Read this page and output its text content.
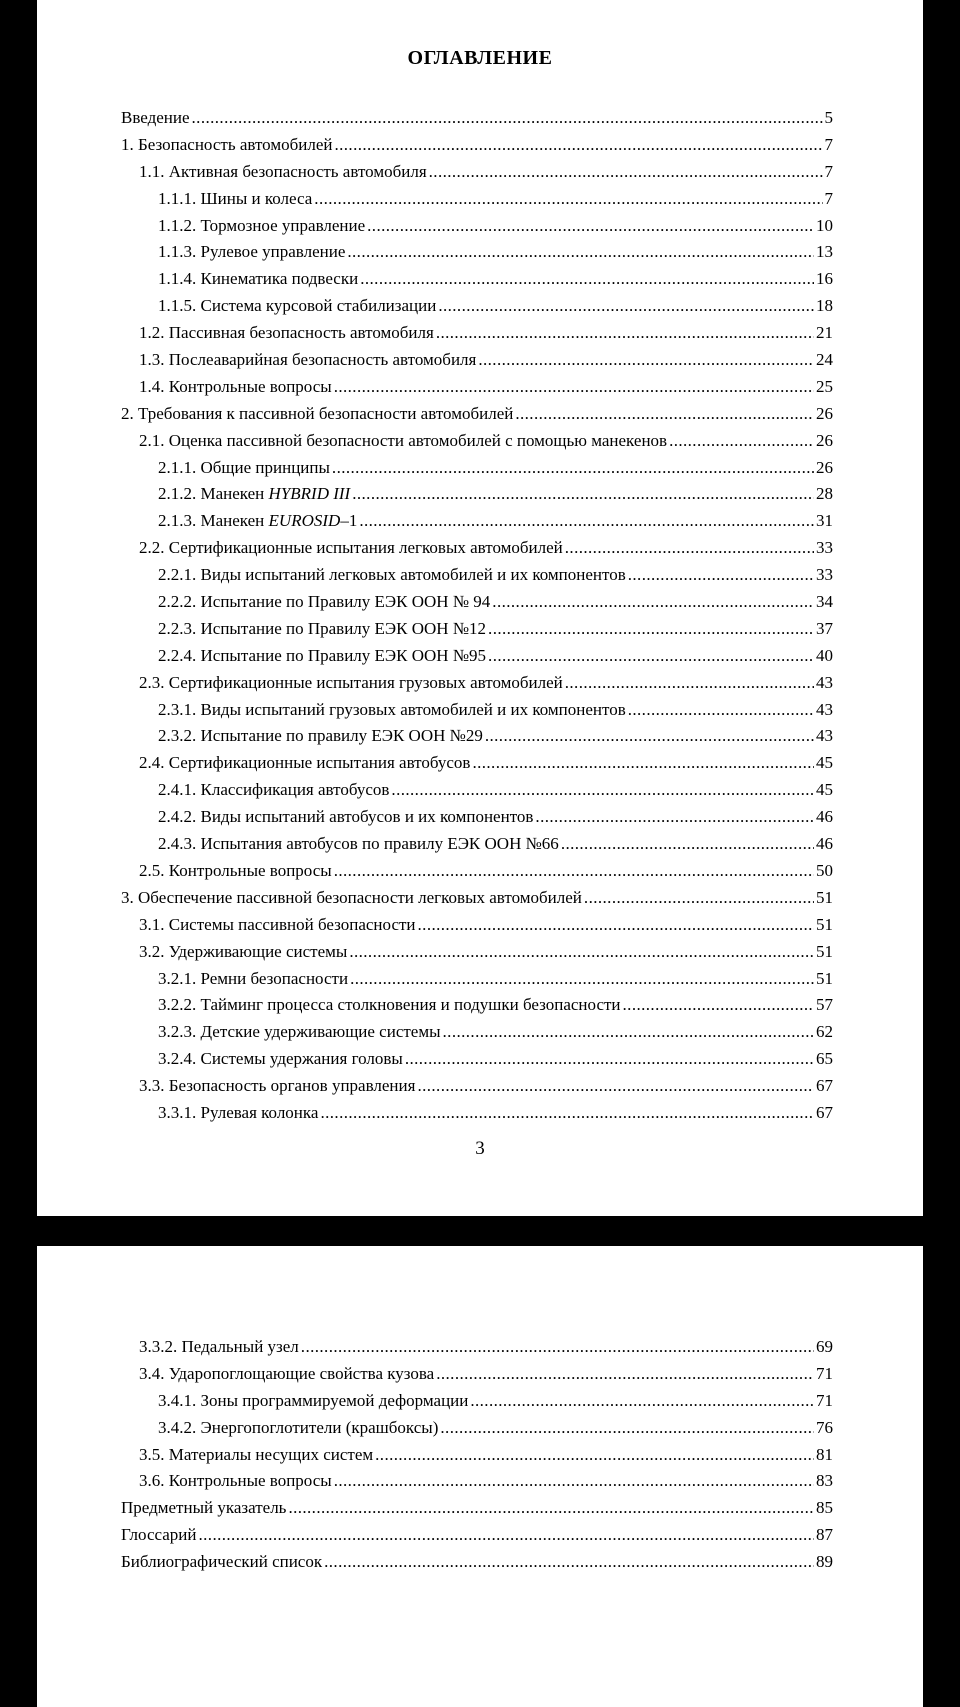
ОГЛАВЛЕНИЕ
Введение .....	5
1. Безопасность автомобилей .....	7
1.1. Активная безопасность автомобиля .....	7
1.1.1. Шины и колеса .....	7
1.1.2. Тормозное управление .....	10
1.1.3. Рулевое управление .....	13
1.1.4. Кинематика подвески .....	16
1.1.5. Система курсовой стабилизации .....	18
1.2. Пассивная безопасность автомобиля .....	21
1.3. Послеаварийная безопасность автомобиля .....	24
1.4. Контрольные вопросы .....	25
2. Требования к пассивной безопасности автомобилей .....	26
2.1. Оценка пассивной безопасности автомобилей с помощью манекенов .....	26
2.1.1. Общие принципы .....	26
2.1.2. Манекен HYBRID III .....	28
2.1.3. Манекен EUROSID–1 .....	31
2.2. Сертификационные испытания легковых автомобилей .....	33
2.2.1. Виды испытаний легковых автомобилей и их компонентов .....	33
2.2.2. Испытание по Правилу ЕЭК ООН № 94 .....	34
2.2.3. Испытание по Правилу ЕЭК ООН №12 .....	37
2.2.4. Испытание по Правилу ЕЭК ООН №95 .....	40
2.3. Сертификационные испытания грузовых автомобилей .....	43
2.3.1. Виды испытаний грузовых автомобилей и их компонентов .....	43
2.3.2. Испытание по правилу ЕЭК ООН №29 .....	43
2.4. Сертификационные испытания автобусов .....	45
2.4.1. Классификация автобусов .....	45
2.4.2. Виды испытаний автобусов и их компонентов .....	46
2.4.3. Испытания автобусов по правилу ЕЭК ООН №66 .....	46
2.5. Контрольные вопросы .....	50
3. Обеспечение пассивной безопасности легковых автомобилей .....	51
3.1. Системы пассивной безопасности .....	51
3.2. Удерживающие системы .....	51
3.2.1. Ремни безопасности .....	51
3.2.2. Тайминг процесса столкновения и подушки безопасности .....	57
3.2.3. Детские удерживающие системы .....	62
3.2.4. Системы удержания головы .....	65
3.3. Безопасность органов управления .....	67
3.3.1. Рулевая колонка .....	67
3
3.3.2. Педальный узел .....	69
3.4. Удaропоглощающие свойства кузова .....	71
3.4.1. Зоны программируемой деформации .....	71
3.4.2. Энергопоглотители (крашбоксы) .....	76
3.5. Материалы несущих систем .....	81
3.6. Контрольные вопросы .....	83
Предметный указатель .....	85
Глоссарий .....	87
Библиографический список .....	89
